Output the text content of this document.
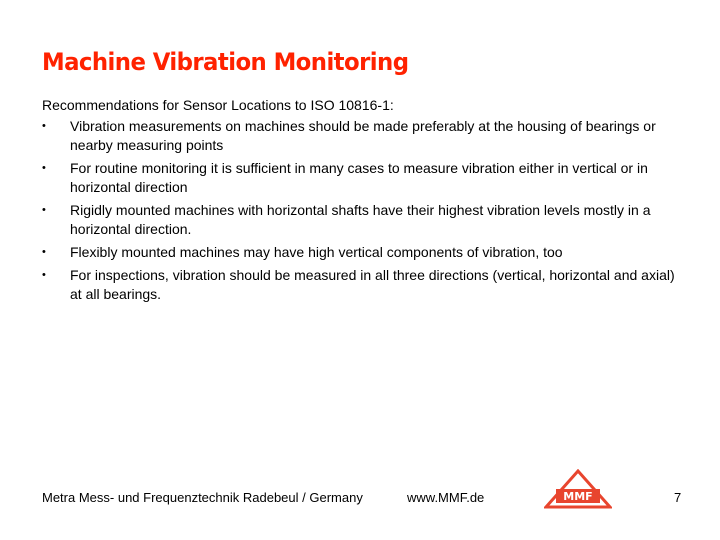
Machine Vibration Monitoring

Recommendations for Sensor Locations to ISO 10816-1:

•	Vibration measurements on machines should be made preferably at the housing of bearings or nearby measuring points
•	For routine monitoring it is sufficient in many cases to measure vibration either in vertical or in horizontal direction
•	Rigidly mounted machines with horizontal shafts have their highest vibration levels mostly in a horizontal direction.
•	Flexibly mounted machines may have high vertical components of vibration, too
•	For inspections, vibration should be measured in all three directions (vertical, horizontal and axial) at all bearings.
Metra Mess- und Frequenztechnik Radebeul / Germany	www.MMF.de	MMF	7
